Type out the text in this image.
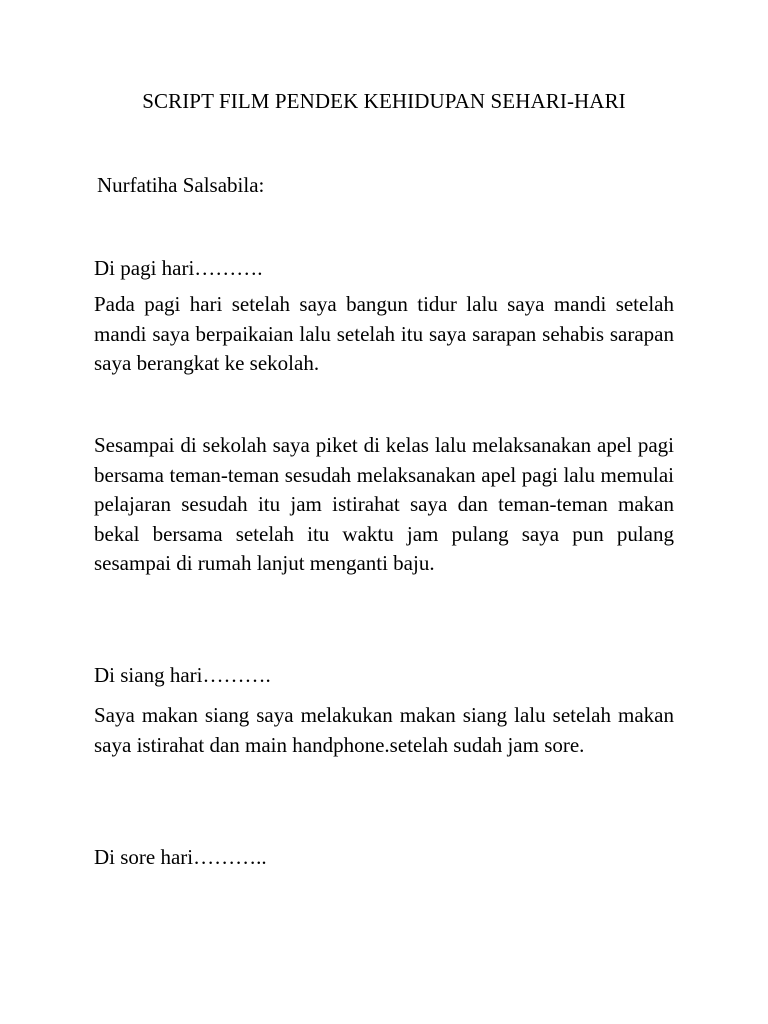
SCRIPT FILM PENDEK KEHIDUPAN SEHARI-HARI

Nurfatiha Salsabila:

Di pagi hari……….

Pada pagi hari setelah saya bangun tidur lalu saya mandi setelah mandi saya berpaikaian lalu setelah itu saya sarapan sehabis sarapan saya berangkat ke sekolah.

Sesampai di sekolah saya piket di kelas lalu melaksanakan apel pagi bersama teman-teman sesudah melaksanakan apel pagi lalu memulai pelajaran sesudah itu jam istirahat saya dan teman-teman makan bekal bersama setelah itu waktu jam pulang saya pun pulang sesampai di rumah lanjut menganti baju.

Di siang hari……….

Saya makan siang saya melakukan makan siang lalu setelah makan saya istirahat dan main handphone.setelah sudah jam sore.

Di sore hari………..
